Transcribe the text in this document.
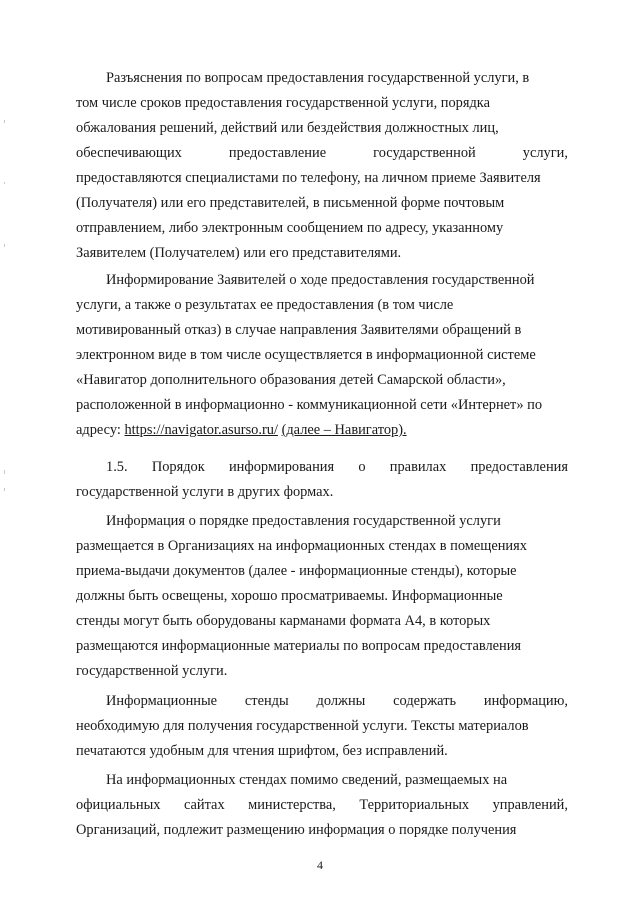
Разъяснения по вопросам предоставления государственной услуги, в
том числе сроков предоставления государственной услуги, порядка
обжалования решений, действий или бездействия должностных лиц,
обеспечивающих	предоставление	государственной	услуги,
предоставляются специалистами по телефону, на личном приеме Заявителя
(Получателя) или его представителей, в письменной форме почтовым
отправлением, либо электронным сообщением по адресу, указанному
Заявителем (Получателем) или его представителями.
Информирование Заявителей о ходе предоставления государственной
услуги, а также о результатах ее предоставления (в том числе
мотивированный отказ) в случае направления Заявителями обращений в
электронном виде в том числе осуществляется в информационной системе
«Навигатор дополнительного образования детей Самарской области»,
расположенной в информационно - коммуникационной сети «Интернет» по
адресу: https://navigator.asurso.ru/ (далее – Навигатор).
1.5. Порядок информирования о правилах предоставления
государственной услуги в других формах.
Информация о порядке предоставления государственной услуги
размещается в Организациях на информационных стендах в помещениях
приема-выдачи документов (далее - информационные стенды), которые
должны быть освещены, хорошо просматриваемы. Информационные
стенды могут быть оборудованы карманами формата А4, в которых
размещаются информационные материалы по вопросам предоставления
государственной услуги.
Информационные стенды должны содержать информацию,
необходимую для получения государственной услуги. Тексты материалов
печатаются удобным для чтения шрифтом, без исправлений.
На информационных стендах помимо сведений, размещаемых на
официальных сайтах министерства, Территориальных управлений,
Организаций, подлежит размещению информация о порядке получения
4
